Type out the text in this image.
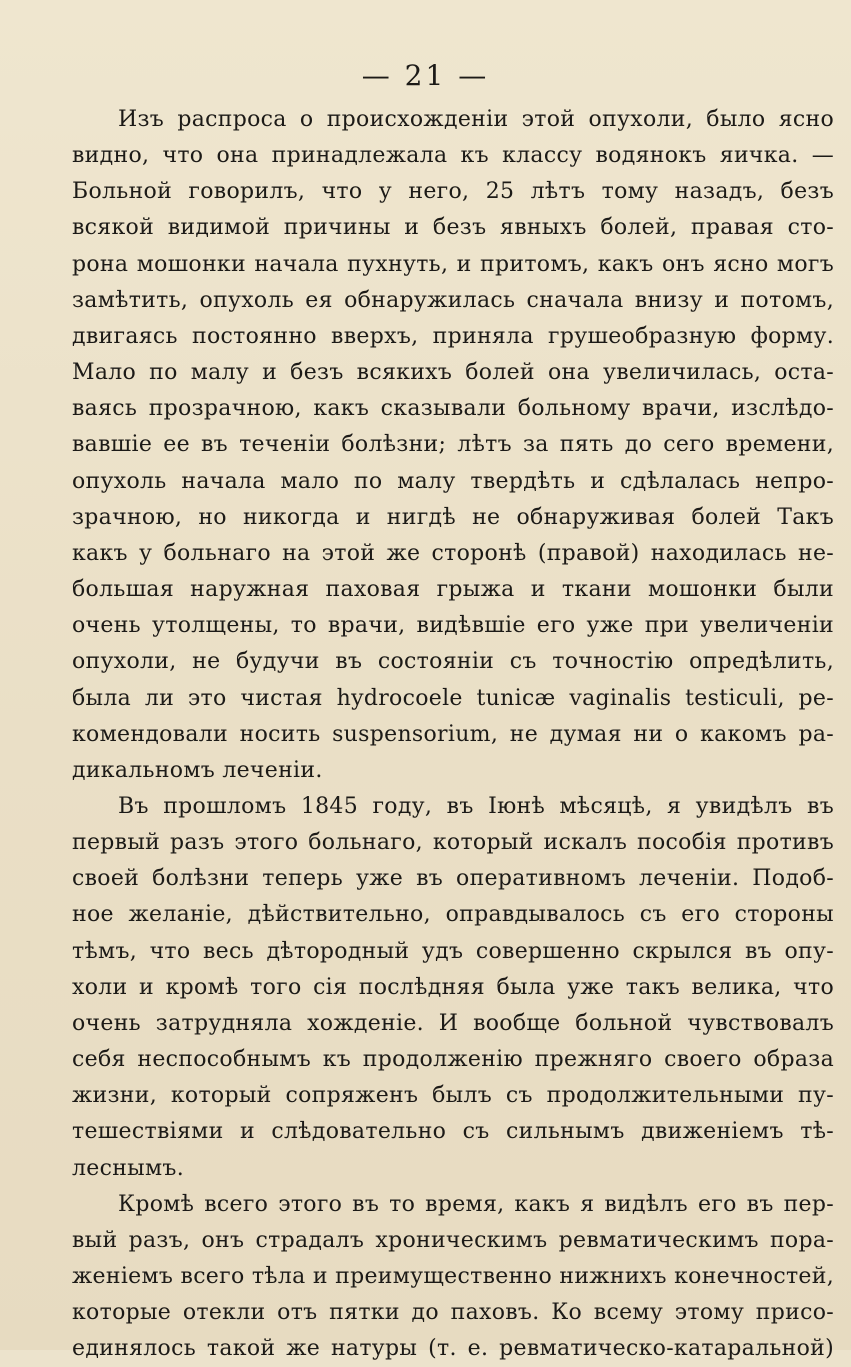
— 21 —
Изъ распроса о происхожденіи этой опухоли, было ясно
видно, что она принадлежала къ классу водянокъ яичка. —
Больной говорилъ, что у него, 25 лѣтъ тому назадъ, безъ
всякой видимой причины и безъ явныхъ болей, правая сто-
рона мошонки начала пухнуть, и притомъ, какъ онъ ясно могъ
замѣтить, опухоль ея обнаружилась сначала внизу и потомъ,
двигаясь постоянно вверхъ, приняла грушеобразную форму.
Мало по малу и безъ всякихъ болей она увеличилась, оста-
ваясь прозрачною, какъ сказывали больному врачи, изслѣдо-
вавшіе ее въ теченіи болѣзни; лѣтъ за пять до сего времени,
опухоль начала мало по малу твердѣть и сдѣлалась непро-
зрачною, но никогда и нигдѣ не обнаруживая болей Такъ
какъ у больнаго на этой же сторонѣ (правой) находилась не-
большая наружная паховая грыжа и ткани мошонки были
очень утолщены, то врачи, видѣвшіе его уже при увеличеніи
опухоли, не будучи въ состояніи съ точностію опредѣлить,
была ли это чистая hydrocoele tunicæ vaginalis testiculi, ре-
комендовали носить suspensorium, не думая ни о какомъ ра-
дикальномъ леченіи.
Въ прошломъ 1845 году, въ Іюнѣ мѣсяцѣ, я увидѣлъ въ
первый разъ этого больнаго, который искалъ пособія противъ
своей болѣзни теперь уже въ оперативномъ леченіи. Подоб-
ное желаніе, дѣйствительно, оправдывалось съ его стороны
тѣмъ, что весь дѣтородный удъ совершенно скрылся въ опу-
холи и кромѣ того сія послѣдняя была уже такъ велика, что
очень затрудняла хожденіе. И вообще больной чувствовалъ
себя неспособнымъ къ продолженію прежняго своего образа
жизни, который сопряженъ былъ съ продолжительными пу-
тешествіями и слѣдовательно съ сильнымъ движеніемъ тѣ-
леснымъ.
Кромѣ всего этого въ то время, какъ я видѣлъ его въ пер-
вый разъ, онъ страдалъ хроническимъ ревматическимъ пора-
женіемъ всего тѣла и преимущественно нижнихъ конечностей,
которые отекли отъ пятки до паховъ. Ко всему этому присо-
единялось такой же натуры (т. е. ревматическо-катаральной)
